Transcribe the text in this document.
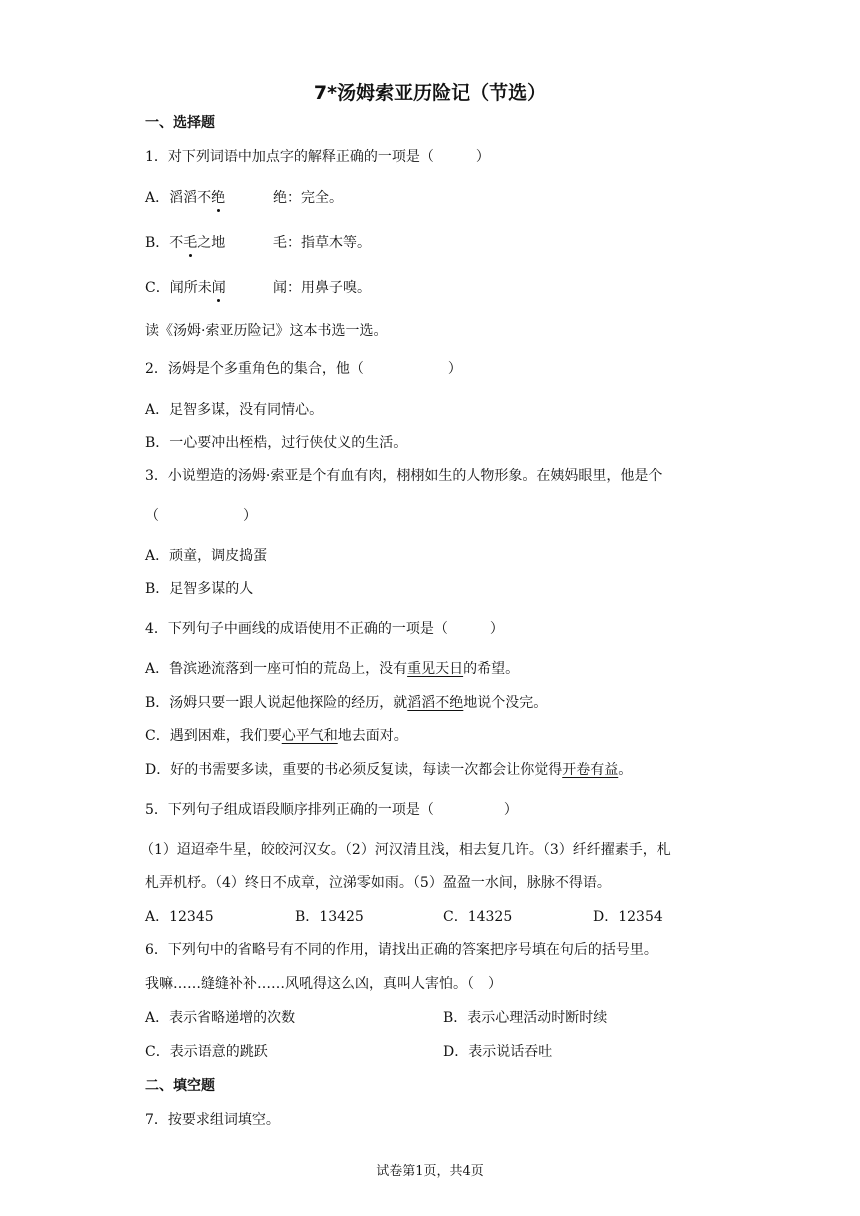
7*汤姆索亚历险记（节选）
一、选择题
1．对下列词语中加点字的解释正确的一项是（　　　）
A．滔滔不绝	绝：完全。
B．不毛之地	毛：指草木等。
C．闻所未闻	闻：用鼻子嗅。
读《汤姆·索亚历险记》这本书选一选。
2．汤姆是个多重角色的集合，他（　　　　　　）
A．足智多谋，没有同情心。
B．一心要冲出桎梏，过行侠仗义的生活。
3．小说塑造的汤姆·索亚是个有血有肉，栩栩如生的人物形象。在姨妈眼里，他是个
（　　　　　　）
A．顽童，调皮捣蛋
B．足智多谋的人
4．下列句子中画线的成语使用不正确的一项是（　　　）
A．鲁滨逊流落到一座可怕的荒岛上，没有重见天日的希望。
B．汤姆只要一跟人说起他探险的经历，就滔滔不绝地说个没完。
C．遇到困难，我们要心平气和地去面对。
D．好的书需要多读，重要的书必须反复读，每读一次都会让你觉得开卷有益。
5．下列句子组成语段顺序排列正确的一项是（　　　　　）
（1）迢迢牵牛星，皎皎河汉女。（2）河汉清且浅，相去复几许。（3）纤纤擢素手，札
札弄机杼。（4）终日不成章，泣涕零如雨。（5）盈盈一水间，脉脉不得语。
A．12345	B．13425	C．14325	D．12354
6．下列句中的省略号有不同的作用，请找出正确的答案把序号填在句后的括号里。
我嘛……缝缝补补……风吼得这么凶，真叫人害怕。（　）
A．表示省略递增的次数	B．表示心理活动时断时续
C．表示语意的跳跃	D．表示说话吞吐
二、填空题
7．按要求组词填空。
试卷第1页，共4页
